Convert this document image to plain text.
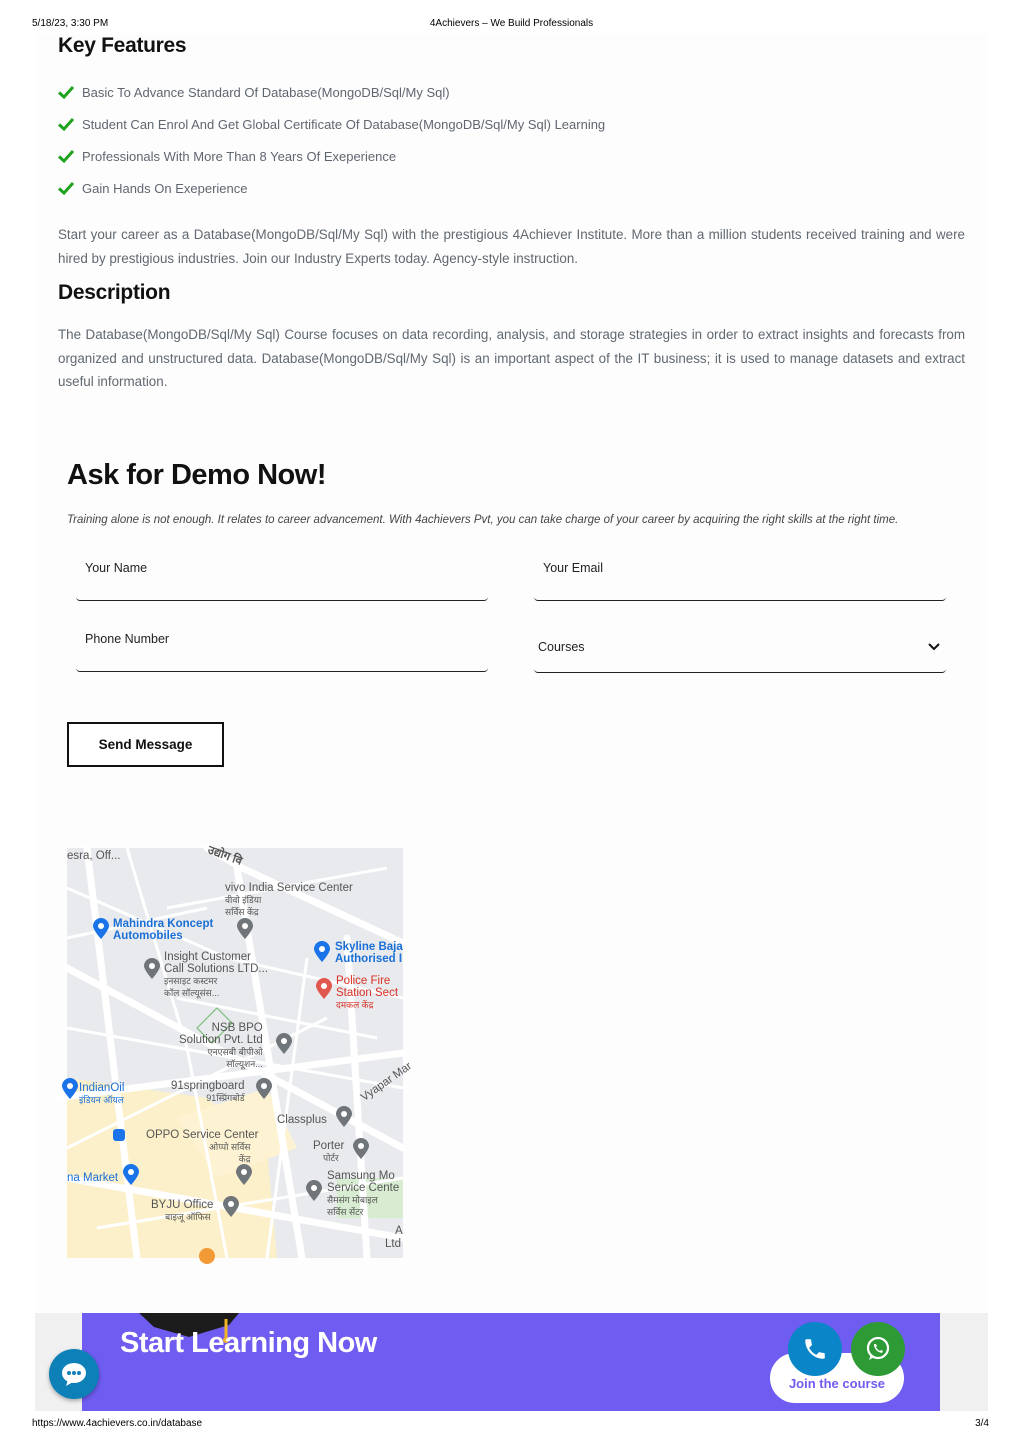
5/18/23, 3:30 PM	4Achievers – We Build Professionals
Key Features
Basic To Advance Standard Of Database(MongoDB/Sql/My Sql)
Student Can Enrol And Get Global Certificate Of Database(MongoDB/Sql/My Sql) Learning
Professionals With More Than 8 Years Of Exeperience
Gain Hands On Exeperience

Start your career as a Database(MongoDB/Sql/My Sql) with the prestigious 4Achiever Institute. More than a million students received training and were hired by prestigious industries. Join our Industry Experts today. Agency-style instruction.

Description

The Database(MongoDB/Sql/My Sql) Course focuses on data recording, analysis, and storage strategies in order to extract insights and forecasts from organized and unstructured data. Database(MongoDB/Sql/My Sql) is an important aspect of the IT business; it is used to manage datasets and extract useful information.

Ask for Demo Now!

Training alone is not enough. It relates to career advancement. With 4achievers Pvt, you can take charge of your career by acquiring the right skills at the right time.

Your Name
Your Email
Phone Number
Courses
Send Message
esra, Off...	उद्योग वि
vivo India Service Center
वीवो इंडिया
सर्विस केंद्र
Mahindra Koncept
Automobiles
Skyline Baja
Authorised I
Insight Customer
Call Solutions LTD...
इनसाइट कस्टमर
कॉल सॉल्यूसंस...
Police Fire
Station Sect
दमकल केंद्र
NSB BPO
Solution Pvt. Ltd
एनएसबी बीपीओ
सॉल्यूशन...
IndianOil
इंडियन ऑयल
91springboard
91स्प्रिंगबोर्ड	Vyapar Mar
Classplus
OPPO Service Center
ओप्पो सर्विस
केंद्र
Porter
पोर्टर
na Market	Samsung Mo
Service Cente
सैमसंग मोबाइल
सर्विस सेंटर
BYJU Office
बाइजू ऑफिस
A
Ltd
Start Learning Now
Join the course
https://www.4achievers.co.in/database	3/4
